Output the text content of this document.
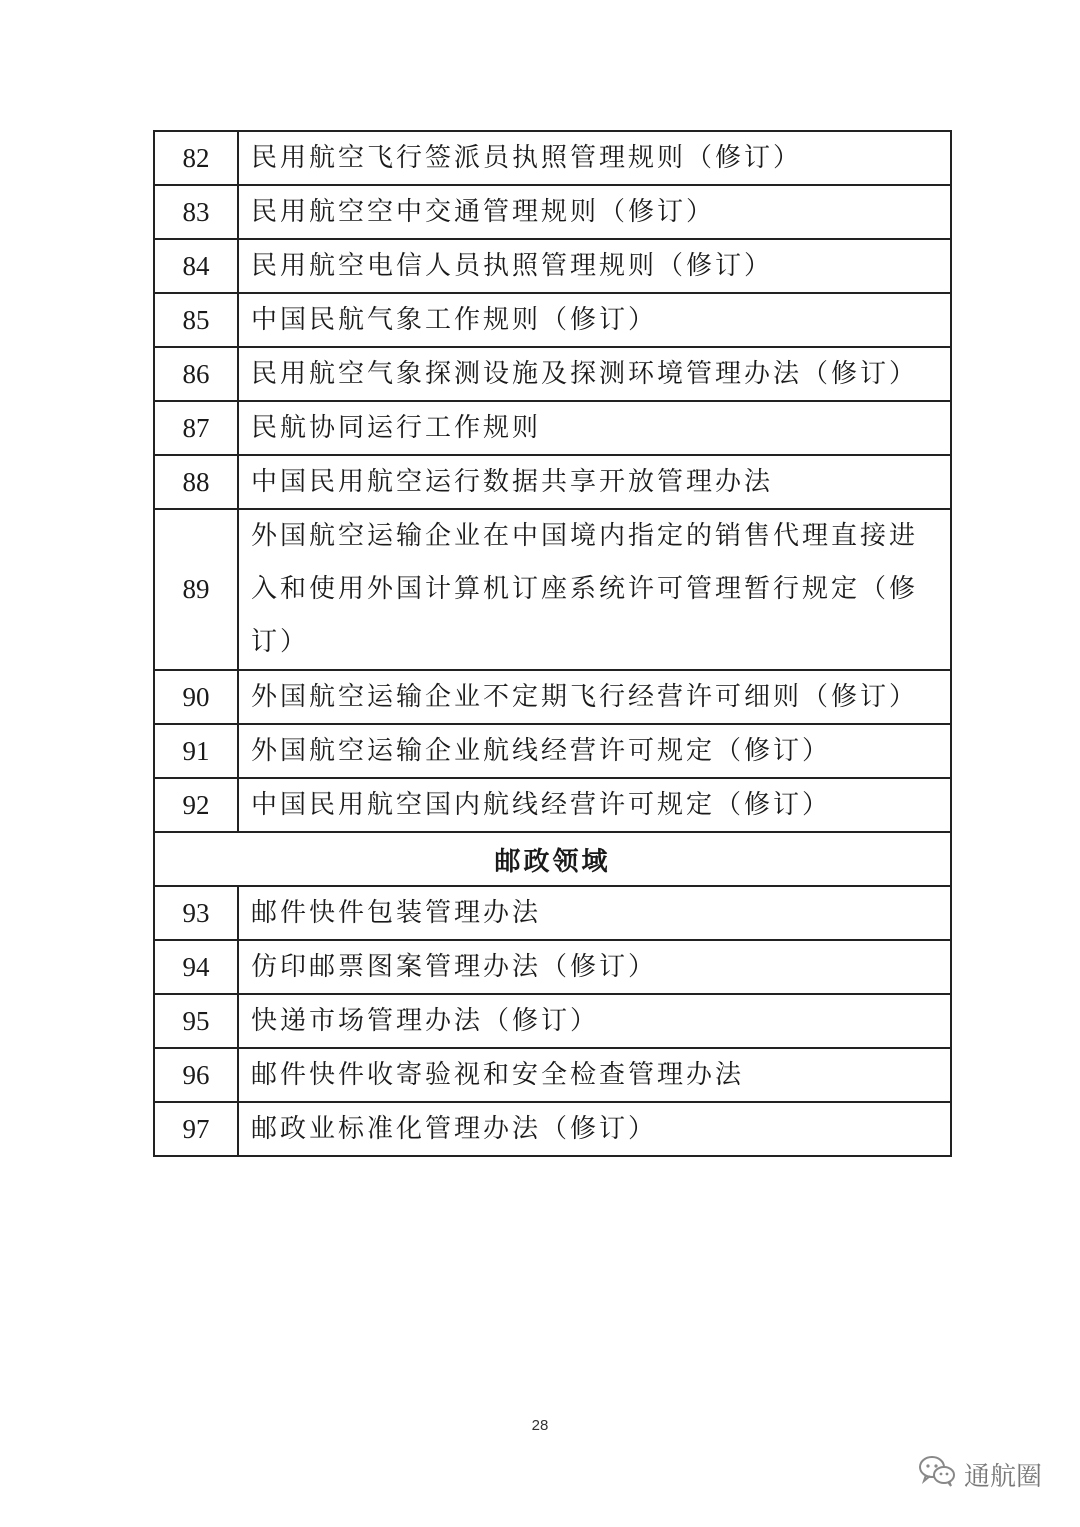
82	民用航空飞行签派员执照管理规则（修订）
83	民用航空空中交通管理规则（修订）
84	民用航空电信人员执照管理规则（修订）
85	中国民航气象工作规则（修订）
86	民用航空气象探测设施及探测环境管理办法（修订）
87	民航协同运行工作规则
88	中国民用航空运行数据共享开放管理办法
89	外国航空运输企业在中国境内指定的销售代理直接进入和使用外国计算机订座系统许可管理暂行规定（修订）
90	外国航空运输企业不定期飞行经营许可细则（修订）
91	外国航空运输企业航线经营许可规定（修订）
92	中国民用航空国内航线经营许可规定（修订）
邮政领域	
93	邮件快件包装管理办法
94	仿印邮票图案管理办法（修订）
95	快递市场管理办法（修订）
96	邮件快件收寄验视和安全检查管理办法
97	邮政业标准化管理办法（修订）
28
通航圈
